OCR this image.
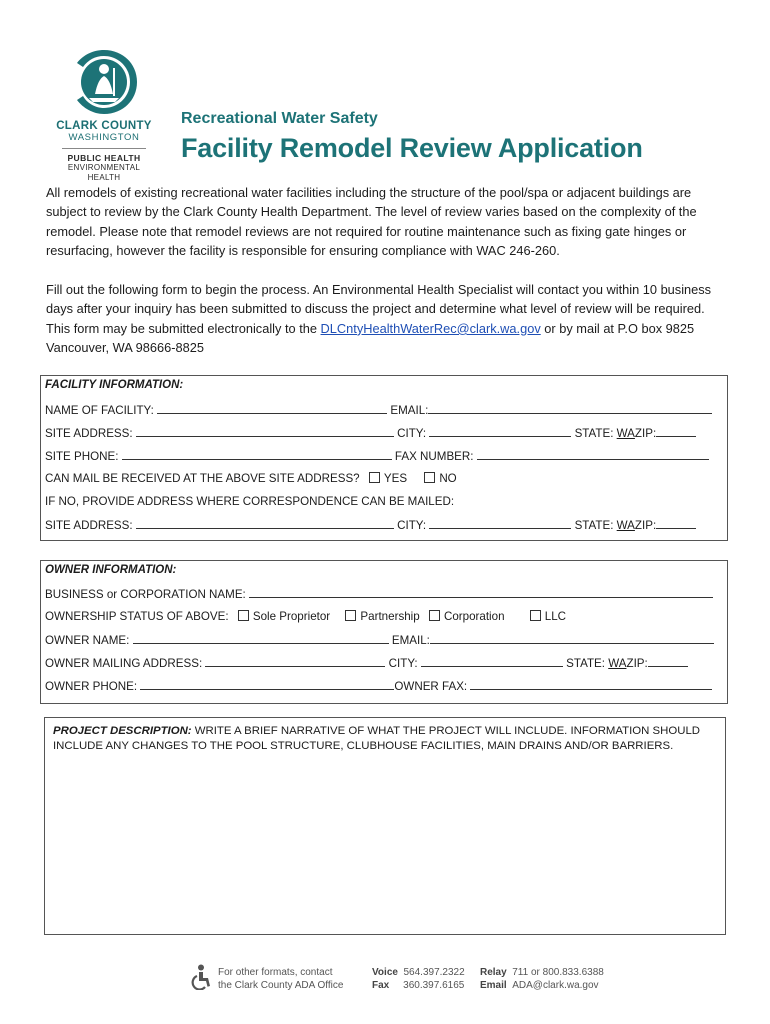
CLARK COUNTY
WASHINGTON
PUBLIC HEALTH
ENVIRONMENTAL HEALTH
Recreational Water Safety
Facility Remodel Review Application
All remodels of existing recreational water facilities including the structure of the pool/spa or adjacent buildings are subject to review by the Clark County Health Department. The level of review varies based on the complexity of the remodel. Please note that remodel reviews are not required for routine maintenance such as fixing gate hinges or resurfacing, however the facility is responsible for ensuring compliance with WAC 246-260.
Fill out the following form to begin the process. An Environmental Health Specialist will contact you within 10 business days after your inquiry has been submitted to discuss the project and determine what level of review will be required. This form may be submitted electronically to the DLCntyHealthWaterRec@clark.wa.gov or by mail at P.O box 9825 Vancouver, WA 98666-8825
FACILITY INFORMATION:
NAME OF FACILITY:	EMAIL:
SITE ADDRESS:	CITY:	STATE: WAZIP:
SITE PHONE:	FAX NUMBER:
CAN MAIL BE RECEIVED AT THE ABOVE SITE ADDRESS? YES	NO
IF NO, PROVIDE ADDRESS WHERE CORRESPONDENCE CAN BE MAILED:
SITE ADDRESS:	CITY:	STATE: WAZIP:
OWNER INFORMATION:
BUSINESS or CORPORATION NAME:
OWNERSHIP STATUS OF ABOVE: Sole Proprietor	Partnership Corporation	LLC
OWNER NAME:	EMAIL:
OWNER MAILING ADDRESS:	CITY:	STATE: WAZIP:
OWNER PHONE:	OWNER FAX:
PROJECT DESCRIPTION: WRITE A BRIEF NARRATIVE OF WHAT THE PROJECT WILL INCLUDE. INFORMATION SHOULD INCLUDE ANY CHANGES TO THE POOL STRUCTURE, CLUBHOUSE FACILITIES, MAIN DRAINS AND/OR BARRIERS.
For other formats, contact
the Clark County ADA Office
Voice 564.397.2322
Fax 360.397.6165
Relay 711 or 800.833.6388
Email ADA@clark.wa.gov
